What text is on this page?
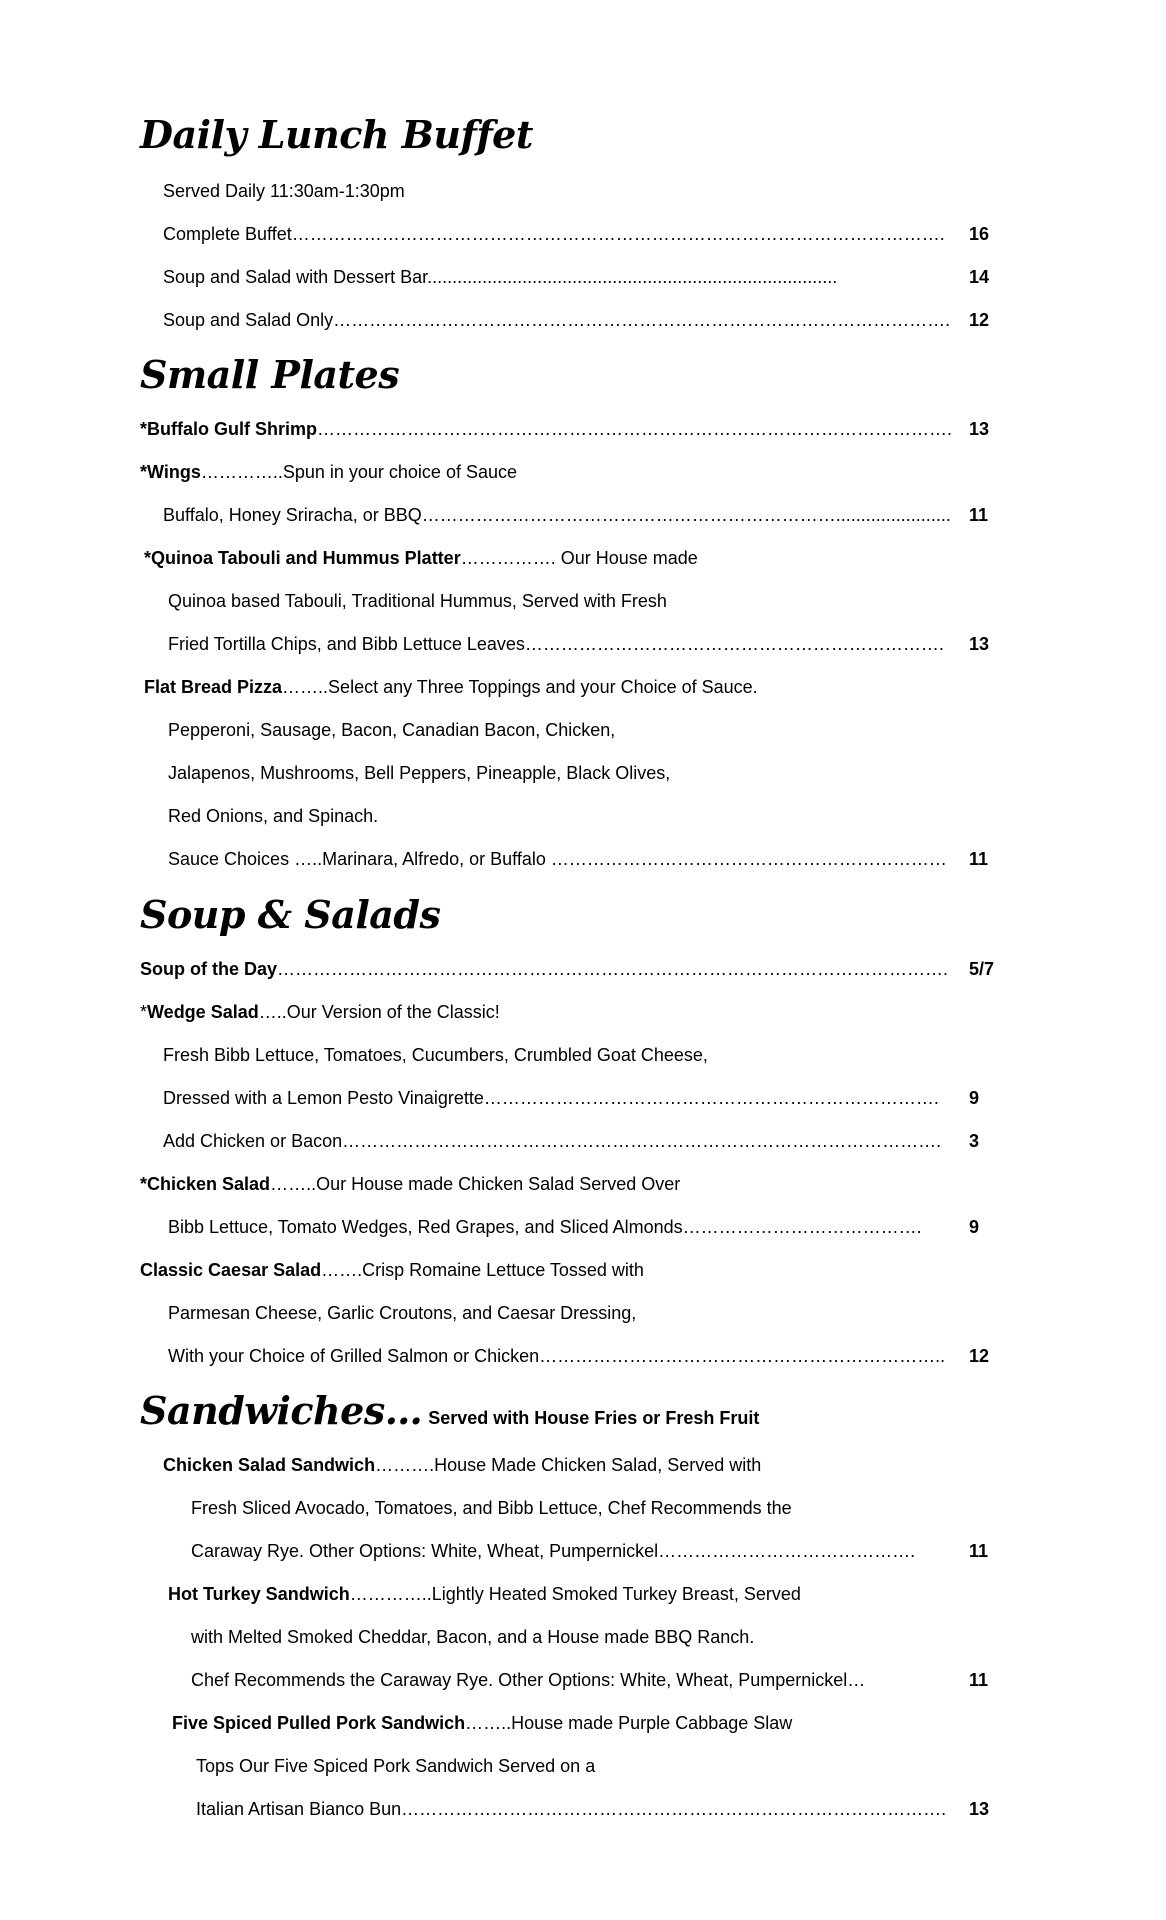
Daily Lunch Buffet
Served Daily 11:30am-1:30pm
Complete Buffet………………………………………………………………………………………………. 16
Soup and Salad with Dessert Bar..................................................................................	14
Soup and Salad Only…………………………………………………………………………………………. 12
Small Plates
*Buffalo Gulf Shrimp……………………………………………………………………………………………. 13
*Wings…………..Spun in your choice of Sauce
Buffalo, Honey Sriracha, or BBQ……………………………………………………………....................... 11
*Quinoa Tabouli and Hummus Platter……………. Our House made
Quinoa based Tabouli, Traditional Hummus, Served with Fresh
Fried Tortilla Chips, and Bibb Lettuce Leaves……………………………………………………………. 13
Flat Bread Pizza……..Select any Three Toppings and your Choice of Sauce.
Pepperoni, Sausage, Bacon, Canadian Bacon, Chicken,
Jalapenos, Mushrooms, Bell Peppers, Pineapple, Black Olives,
Red Onions, and Spinach.
Sauce Choices …..Marinara, Alfredo, or Buffalo ………………………………………………………… 11
Soup & Salads
Soup of the Day…………………………………………………………………………………………………. 5/7
*Wedge Salad…..Our Version of the Classic!
Fresh Bibb Lettuce, Tomatoes, Cucumbers, Crumbled Goat Cheese,
Dressed with a Lemon Pesto Vinaigrette…………………………………………………………………. 9
Add Chicken or Bacon………………………………………………………………………………………. 3
*Chicken Salad……..Our House made Chicken Salad Served Over
Bibb Lettuce, Tomato Wedges, Red Grapes, and Sliced Almonds………………………………….	9
Classic Caesar Salad…….Crisp Romaine Lettuce Tossed with
Parmesan Cheese, Garlic Croutons, and Caesar Dressing,
With your Choice of Grilled Salmon or Chicken………………………………………………………….. 12
Sandwiches… Served with House Fries or Fresh Fruit
Chicken Salad Sandwich……….House Made Chicken Salad, Served with
Fresh Sliced Avocado, Tomatoes, and Bibb Lettuce, Chef Recommends the
Caraway Rye. Other Options: White, Wheat, Pumpernickel…………………………………….	11
Hot Turkey Sandwich…………..Lightly Heated Smoked Turkey Breast, Served
with Melted Smoked Cheddar, Bacon, and a House made BBQ Ranch.
Chef Recommends the Caraway Rye. Other Options: White, Wheat, Pumpernickel…	11
Five Spiced Pulled Pork Sandwich……..House made Purple Cabbage Slaw
Tops Our Five Spiced Pork Sandwich Served on a
Italian Artisan Bianco Bun………………………………………………………………………………. 13
